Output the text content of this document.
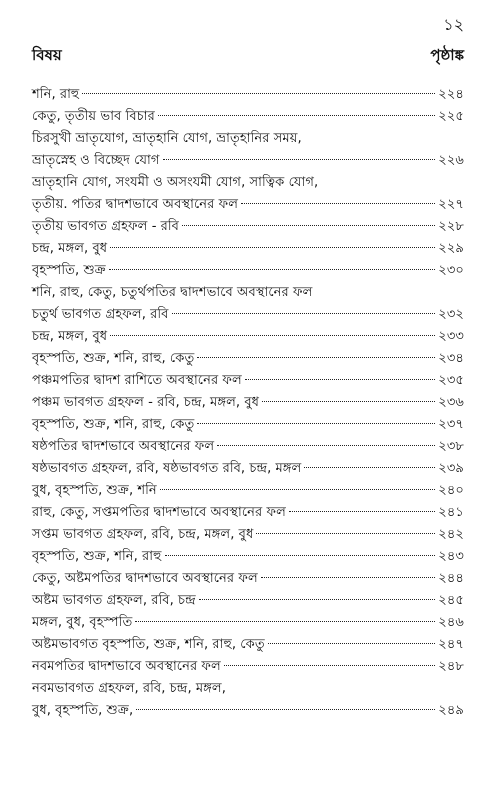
১২
বিষয়	পৃষ্ঠাঙ্ক
শনি, রাহু	২২৪
কেতু, তৃতীয় ভাব বিচার	২২৫
চিরসুখী ভ্রাতৃযোগ, ভ্রাতৃহানি যোগ, ভ্রাতৃহানির সময়,
ভ্রাতৃস্নেহ ও বিচ্ছেদ যোগ	২২৬
ভ্রাতৃহানি যোগ, সংযমী ও অসংযমী যোগ, সাত্বিক যোগ,
তৃতীয়. পতির দ্বাদশভাবে অবস্থানের ফল	২২৭
তৃতীয় ভাবগত গ্রহফল - রবি	২২৮
চন্দ্র, মঙ্গল, বুধ	২২৯
বৃহস্পতি, শুক্র	২৩০
শনি, রাহু, কেতু, চতুর্থপতির দ্বাদশভাবে অবস্থানের ফল
চতুর্থ ভাবগত গ্রহফল, রবি	২৩২
চন্দ্র, মঙ্গল, বুধ	২৩৩
বৃহস্পতি, শুক্র, শনি, রাহু, কেতু	২৩৪
পঞ্চমপতির দ্বাদশ রাশিতে অবস্থানের ফল	২৩৫
পঞ্চম ভাবগত গ্রহফল - রবি, চন্দ্র, মঙ্গল, বুধ	২৩৬
বৃহস্পতি, শুক্র, শনি, রাহু, কেতু	২৩৭
ষষ্ঠপতির দ্বাদশভাবে অবস্থানের ফল	২৩৮
ষষ্ঠভাবগত গ্রহফল, রবি, ষষ্ঠভাবগত রবি, চন্দ্র, মঙ্গল	২৩৯
বুধ, বৃহস্পতি, শুক্র, শনি	২৪০
রাহু, কেতু, সপ্তমপতির দ্বাদশভাবে অবস্থানের ফল	২৪১
সপ্তম ভাবগত গ্রহফল, রবি, চন্দ্র, মঙ্গল, বুধ	২৪২
বৃহস্পতি, শুক্র, শনি, রাহু	২৪৩
কেতু, অষ্টমপতির দ্বাদশভাবে অবস্থানের ফল	২৪৪
অষ্টম ভাবগত গ্রহফল, রবি, চন্দ্র	২৪৫
মঙ্গল, বুধ, বৃহস্পতি	২৪৬
অষ্টমভাবগত বৃহস্পতি, শুক্র, শনি, রাহু, কেতু	২৪৭
নবমপতির দ্বাদশভাবে অবস্থানের ফল	২৪৮
নবমভাবগত গ্রহফল, রবি, চন্দ্র, মঙ্গল,
বুধ, বৃহস্পতি, শুক্র,	২৪৯
